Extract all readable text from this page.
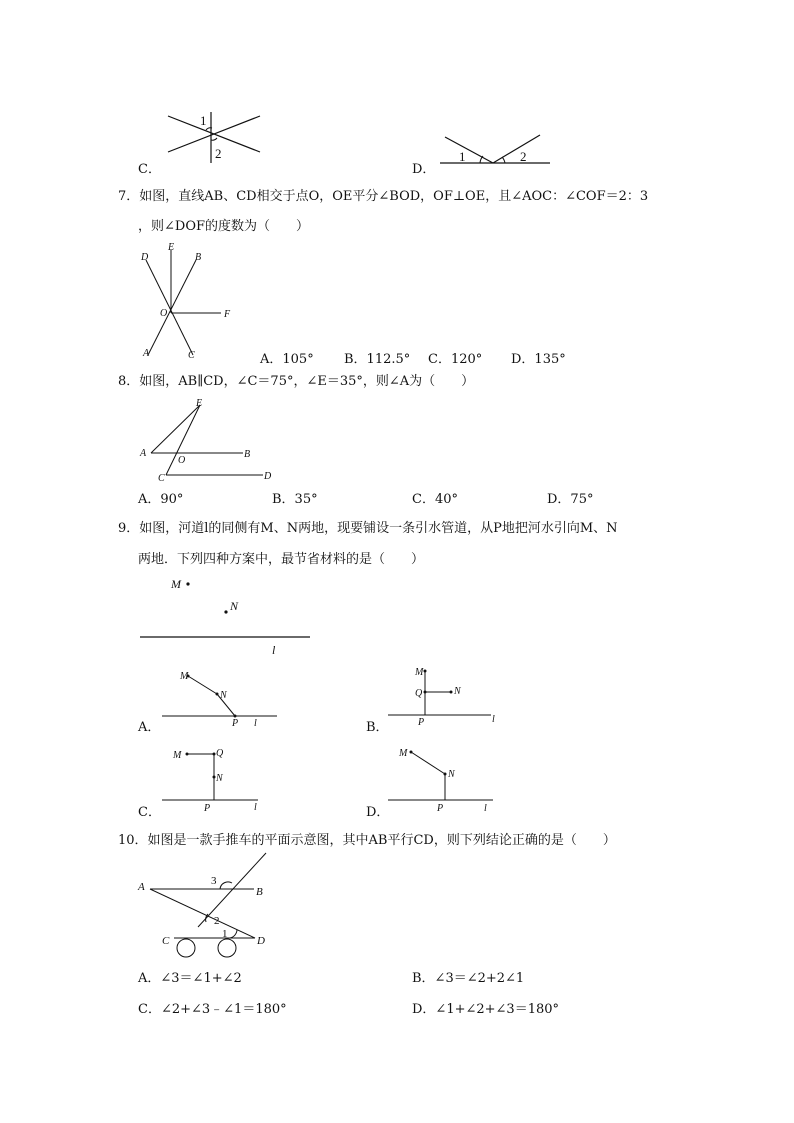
C．
1
2
D．
1	2
7．如图，直线AB、CD相交于点O，OE平分∠BOD，OF⊥OE，且∠AOC：∠COF＝2：3
，则∠DOF的度数为（　　）
D
E
B
O	F
A	C	A．105° B．112.5° C．120° D．135°
8．如图，AB∥CD，∠C＝75°，∠E＝35°，则∠A为（　　）
E
A	B
O
C	D
A．90°	B．35°	C．40°	D．75°
9．如图，河道l的同侧有M、N两地，现要铺设一条引水管道，从P地把河水引向M、N
两地．下列四种方案中，最节省材料的是（　　）
M
N
l
A．
M
N
P l	B．
M
Q	N
P	l
C．
M	Q
N
P	l	D．
M
N
P	l
10．如图是一款手推车的平面示意图，其中AB平行CD，则下列结论正确的是（　　）
A	B
C	D
1
2
3
A．∠3＝∠1+∠2	B．∠3＝∠2+2∠1
C．∠2+∠3﹣∠1＝180°	D．∠1+∠2+∠3＝180°
